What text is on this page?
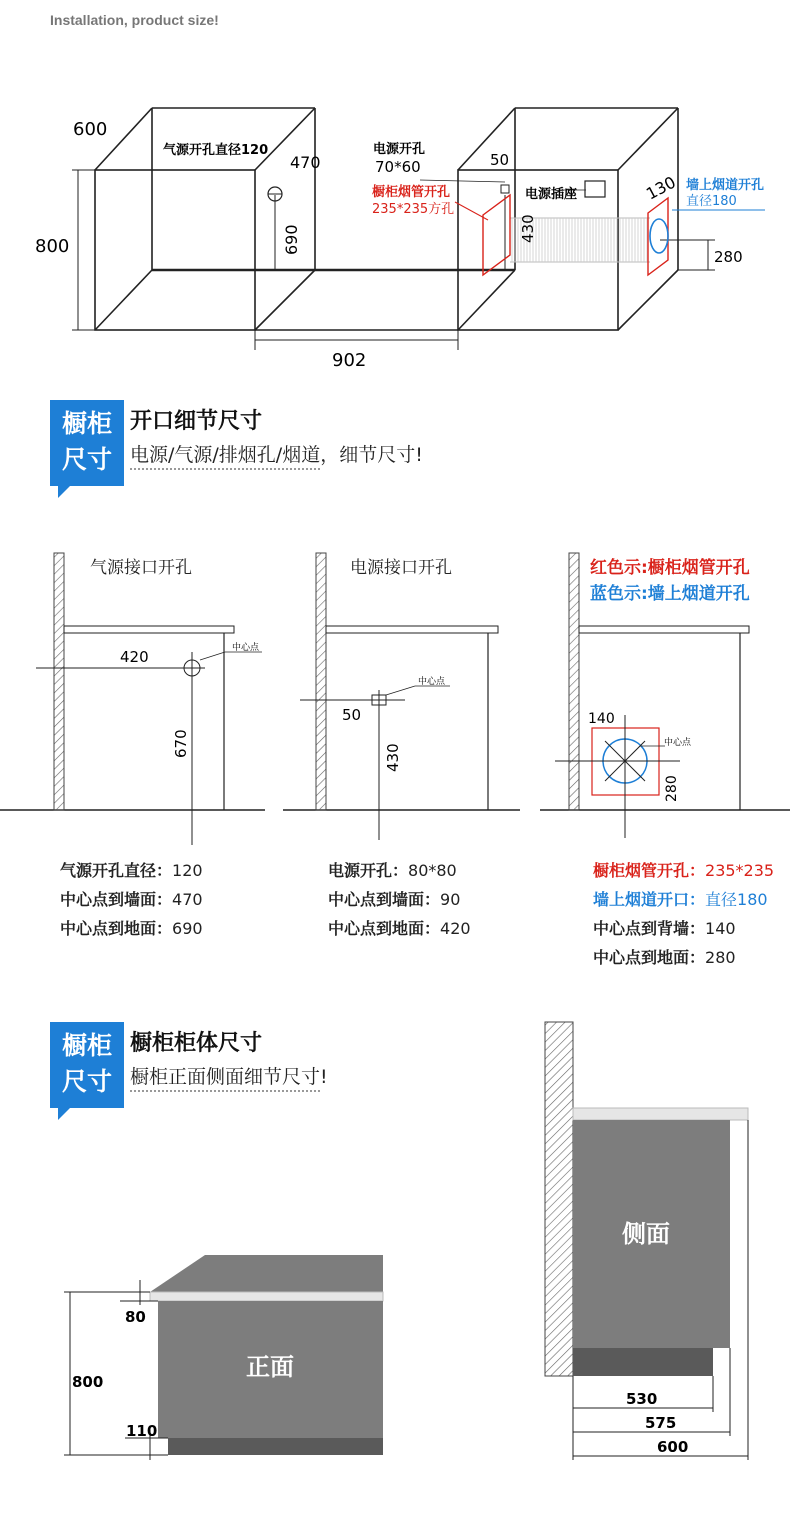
Installation, product size!
600
800
气源开孔直径120
470
690
电源开孔
70*60	50
橱柜烟管开孔
235*235方孔
电源插座
430
130 墙上烟道开孔
直径180
280
902
橱柜
尺寸
开口细节尺寸
电源/气源/排烟孔/烟道，细节尺寸!
气源接口开孔	电源接口开孔	红色示:橱柜烟管开孔
蓝色示:墙上烟道开孔
中心点
420
670
中心点
50
430
中心点
140
280
气源开孔直径：120
中心点到墙面：470
中心点到地面：690
电源开孔：80*80
中心点到墙面：90
中心点到地面：420
橱柜烟管开孔：235*235
墙上烟道开口：直径180
中心点到背墙：140
中心点到地面：280
橱柜
尺寸
橱柜柜体尺寸
橱柜正面侧面细节尺寸!
80
800
110
530
575
600
正面
侧面
